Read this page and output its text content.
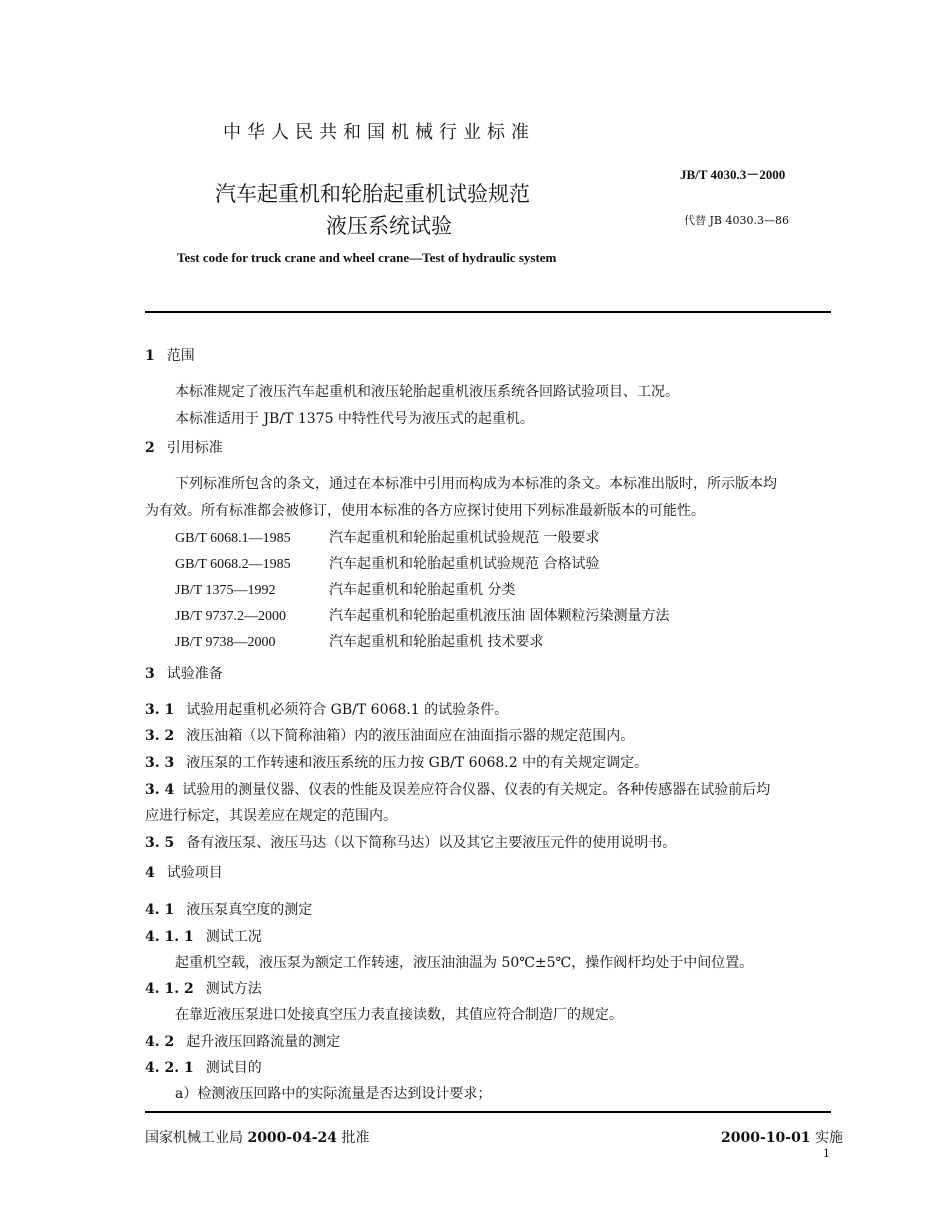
中华人民共和国机械行业标准
JB/T 4030.3－2000
汽车起重机和轮胎起重机试验规范
液压系统试验	代替 JB 4030.3—86
Test code for truck crane and wheel crane—Test of hydraulic system
1 范围
本标准规定了液压汽车起重机和液压轮胎起重机液压系统各回路试验项目、工况。
本标准适用于 JB/T 1375 中特性代号为液压式的起重机。
2 引用标准
下列标准所包含的条文，通过在本标准中引用而构成为本标准的条文。本标准出版时，所示版本均
为有效。所有标准都会被修订，使用本标准的各方应探讨使用下列标准最新版本的可能性。
GB/T 6068.1—1985	汽车起重机和轮胎起重机试验规范 一般要求
GB/T 6068.2—1985	汽车起重机和轮胎起重机试验规范 合格试验
JB/T 1375—1992	汽车起重机和轮胎起重机 分类
JB/T 9737.2—2000	汽车起重机和轮胎起重机液压油 固体颗粒污染测量方法
JB/T 9738—2000	汽车起重机和轮胎起重机 技术要求
3 试验准备
3. 1 试验用起重机必须符合 GB/T 6068.1 的试验条件。
3. 2 液压油箱（以下简称油箱）内的液压油面应在油面指示器的规定范围内。
3. 3 液压泵的工作转速和液压系统的压力按 GB/T 6068.2 中的有关规定调定。
3. 4 试验用的测量仪器、仪表的性能及误差应符合仪器、仪表的有关规定。各种传感器在试验前后均
应进行标定，其误差应在规定的范围内。
3. 5 备有液压泵、液压马达（以下简称马达）以及其它主要液压元件的使用说明书。
4 试验项目
4. 1 液压泵真空度的测定
4. 1. 1 测试工况
起重机空载，液压泵为额定工作转速，液压油油温为 50℃±5℃，操作阀杆均处于中间位置。
4. 1. 2 测试方法
在靠近液压泵进口处接真空压力表直接读数，其值应符合制造厂的规定。
4. 2 起升液压回路流量的测定
4. 2. 1 测试目的
a）检测液压回路中的实际流量是否达到设计要求；
国家机械工业局 2000-04-24 批准	2000-10-01 实施
1
